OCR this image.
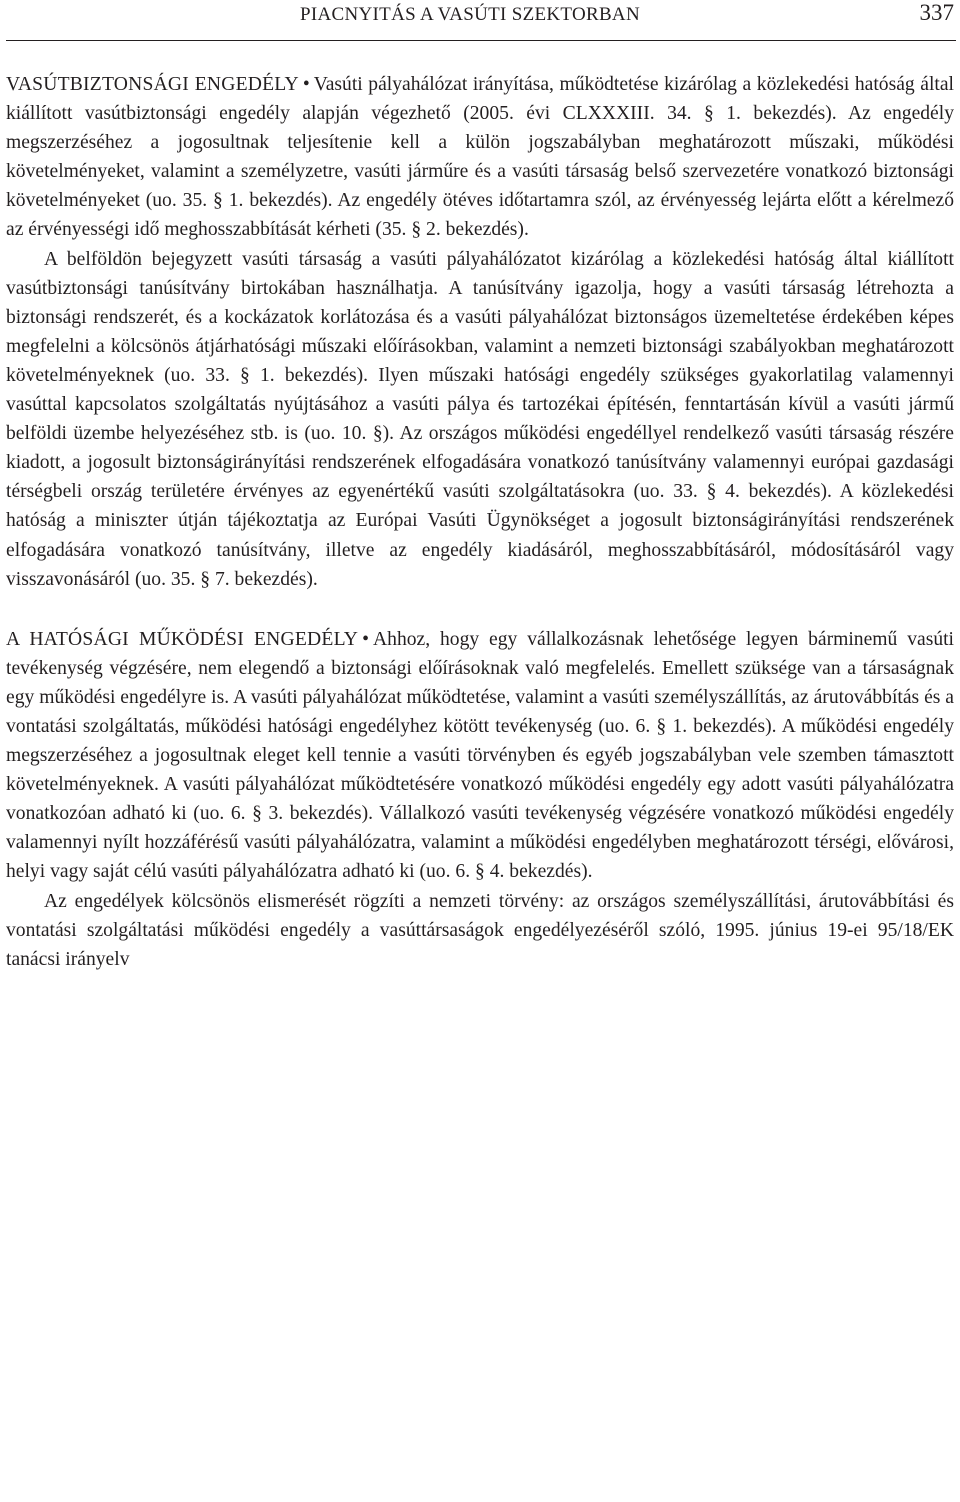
PIACNYITÁS A VASÚTI SZEKTORBAN	337

VASÚTBIZTONSÁGI ENGEDÉLY • Vasúti pályahálózat irányítása, működtetése kizárólag a közlekedési hatóság által kiállított vasútbiztonsági engedély alapján végezhető (2005. évi CLXXXIII. 34. § 1. bekezdés). Az engedély megszerzéséhez a jogosultnak teljesítenie kell a külön jogszabályban meghatározott műszaki, működési követelményeket, valamint a személyzetre, vasúti járműre és a vasúti társaság belső szervezetére vonatkozó biztonsági követelményeket (uo. 35. § 1. bekezdés). Az engedély ötéves időtartamra szól, az érvényesség lejárta előtt a kérelmező az érvényességi idő meghosszabbítását kérheti (35. § 2. bekezdés).

A belföldön bejegyzett vasúti társaság a vasúti pályahálózatot kizárólag a közlekedési hatóság által kiállított vasútbiztonsági tanúsítvány birtokában használhatja. A tanúsítvány igazolja, hogy a vasúti társaság létrehozta a biztonsági rendszerét, és a kockázatok korlátozása és a vasúti pályahálózat biztonságos üzemeltetése érdekében képes megfelelni a kölcsönös átjárhatósági műszaki előírásokban, valamint a nemzeti biztonsági szabályokban meghatározott követelményeknek (uo. 33. § 1. bekezdés). Ilyen műszaki hatósági engedély szükséges gyakorlatilag valamennyi vasúttal kapcsolatos szolgáltatás nyújtásához a vasúti pálya és tartozékai építésén, fenntartásán kívül a vasúti jármű belföldi üzembe helyezéséhez stb. is (uo. 10. §). Az országos működési engedéllyel rendelkező vasúti társaság részére kiadott, a jogosult biztonságirányítási rendszerének elfogadására vonatkozó tanúsítvány valamennyi európai gazdasági térségbeli ország területére érvényes az egyenértékű vasúti szolgáltatásokra (uo. 33. § 4. bekezdés). A közlekedési hatóság a miniszter útján tájékoztatja az Európai Vasúti Ügynökséget a jogosult biztonságirányítási rendszerének elfogadására vonatkozó tanúsítvány, illetve az engedély kiadásáról, meghosszabbításáról, módosításáról vagy visszavonásáról (uo. 35. § 7. bekezdés).

A HATÓSÁGI MŰKÖDÉSI ENGEDÉLY • Ahhoz, hogy egy vállalkozásnak lehetősége legyen bárminemű vasúti tevékenység végzésére, nem elegendő a biztonsági előírásoknak való megfelelés. Emellett szüksége van a társaságnak egy működési engedélyre is. A vasúti pályahálózat működtetése, valamint a vasúti személyszállítás, az árutovábbítás és a vontatási szolgáltatás, működési hatósági engedélyhez kötött tevékenység (uo. 6. § 1. bekezdés). A működési engedély megszerzéséhez a jogosultnak eleget kell tennie a vasúti törvényben és egyéb jogszabályban vele szemben támasztott követelményeknek. A vasúti pályahálózat működtetésére vonatkozó működési engedély egy adott vasúti pályahálózatra vonatkozóan adható ki (uo. 6. § 3. bekezdés). Vállalkozó vasúti tevékenység végzésére vonatkozó működési engedély valamennyi nyílt hozzáférésű vasúti pályahálózatra, valamint a működési engedélyben meghatározott térségi, elővárosi, helyi vagy saját célú vasúti pályahálózatra adható ki (uo. 6. § 4. bekezdés).

Az engedélyek kölcsönös elismerését rögzíti a nemzeti törvény: az országos személyszállítási, árutovábbítási és vontatási szolgáltatási működési engedély a vasúttársaságok engedélyezéséről szóló, 1995. június 19-ei 95/18/EK tanácsi irányelv
